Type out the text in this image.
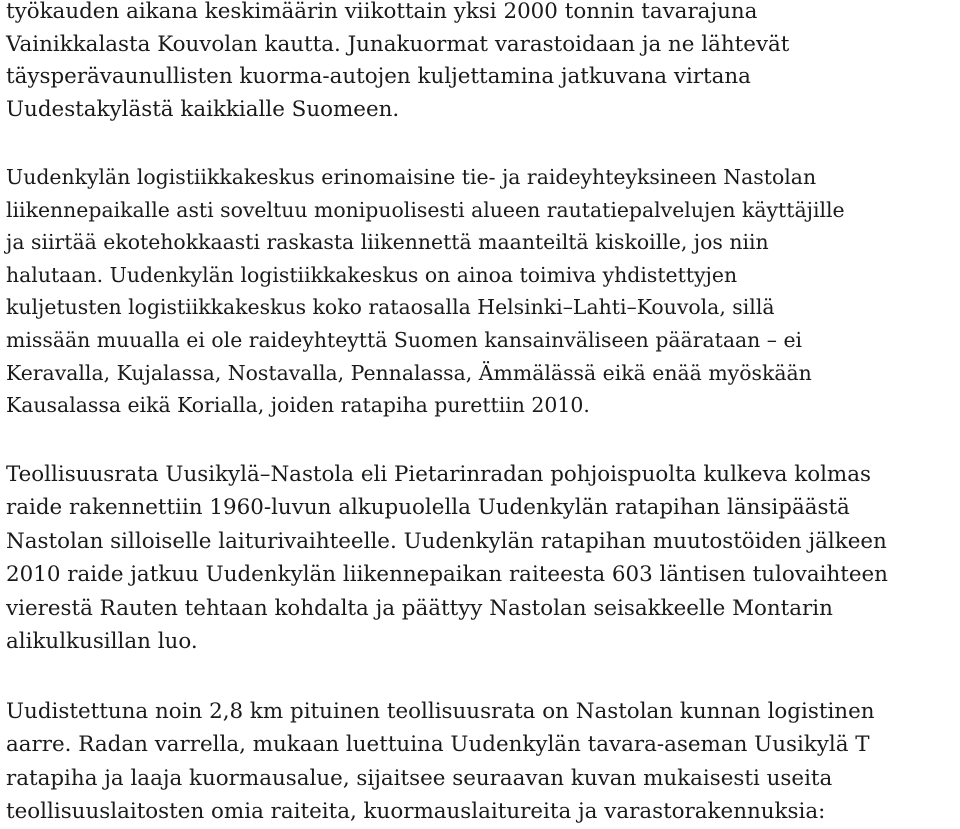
työkauden aikana keskimäärin viikottain yksi 2000 tonnin tavarajuna
Vainikkalasta Kouvolan kautta. Junakuormat varastoidaan ja ne lähtevät
täysperävaunullisten kuorma-autojen kuljettamina jatkuvana virtana
Uudestakylästä kaikkialle Suomeen.

Uudenkylän logistiikkakeskus erinomaisine tie- ja raideyhteyksineen Nastolan
liikennepaikalle asti soveltuu monipuolisesti alueen rautatiepalvelujen käyttäjille
ja siirtää ekotehokkaasti raskasta liikennettä maanteiltä kiskoille, jos niin
halutaan. Uudenkylän logistiikkakeskus on ainoa toimiva yhdistettyjen
kuljetusten logistiikkakeskus koko rataosalla Helsinki–Lahti–Kouvola, sillä
missään muualla ei ole raideyhteyttä Suomen kansainväliseen päärataan – ei
Keravalla, Kujalassa, Nostavalla, Pennalassa, Ämmälässä eikä enää myöskään
Kausalassa eikä Korialla, joiden ratapiha purettiin 2010.

Teollisuusrata Uusikylä–Nastola eli Pietarinradan pohjoispuolta kulkeva kolmas
raide rakennettiin 1960-luvun alkupuolella Uudenkylän ratapihan länsipäästä
Nastolan silloiselle laiturivaihteelle. Uudenkylän ratapihan muutostöiden jälkeen
2010 raide jatkuu Uudenkylän liikennepaikan raiteesta 603 läntisen tulovaihteen
vierestä Rauten tehtaan kohdalta ja päättyy Nastolan seisakkeelle Montarin
alikulkusillan luo.

Uudistettuna noin 2,8 km pituinen teollisuusrata on Nastolan kunnan logistinen
aarre. Radan varrella, mukaan luettuina Uudenkylän tavara-aseman Uusikylä T
ratapiha ja laaja kuormausalue, sijaitsee seuraavan kuvan mukaisesti useita
teollisuuslaitosten omia raiteita, kuormauslaitureita ja varastorakennuksia:
